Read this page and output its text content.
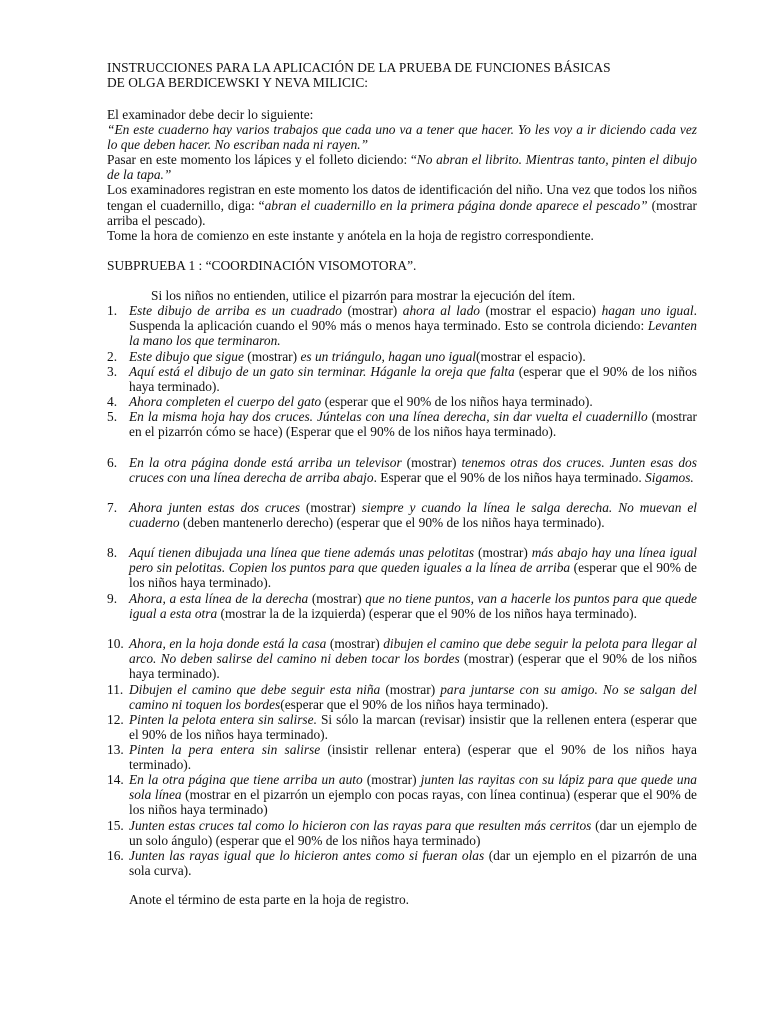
INSTRUCCIONES PARA LA APLICACIÓN DE LA PRUEBA DE FUNCIONES BÁSICAS
DE OLGA BERDICEWSKI Y NEVA MILICIC:
El examinador debe decir lo siguiente:
“En este cuaderno hay varios trabajos que cada uno va a tener que hacer. Yo les voy a ir diciendo cada vez lo que deben hacer. No escriban nada ni rayen.”
Pasar en este momento los lápices y el folleto diciendo: “No abran el librito. Mientras tanto, pinten el dibujo de la tapa.”
Los examinadores registran en este momento los datos de identificación del niño. Una vez que todos los niños tengan el cuadernillo, diga: “abran el cuadernillo en la primera página donde aparece el pescado” (mostrar arriba el pescado).
Tome la hora de comienzo en este instante y anótela en la hoja de registro correspondiente.
SUBPRUEBA 1 : “COORDINACIÓN VISOMOTORA”.
Si los niños no entienden, utilice el pizarrón para mostrar la ejecución del ítem.
1. Este dibujo de arriba es un cuadrado (mostrar) ahora al lado (mostrar el espacio) hagan uno igual. Suspenda la aplicación cuando el 90% más o menos haya terminado. Esto se controla diciendo: Levanten la mano los que terminaron.
2. Este dibujo que sigue (mostrar) es un triángulo, hagan uno igual(mostrar el espacio).
3. Aquí está el dibujo de un gato sin terminar. Háganle la oreja que falta (esperar que el 90% de los niños haya terminado).
4. Ahora completen el cuerpo del gato (esperar que el 90% de los niños haya terminado).
5. En la misma hoja hay dos cruces. Júntelas con una línea derecha, sin dar vuelta el cuadernillo (mostrar en el pizarrón cómo se hace) (Esperar que el 90% de los niños haya terminado).
6. En la otra página donde está arriba un televisor (mostrar) tenemos otras dos cruces. Junten esas dos cruces con una línea derecha de arriba abajo. Esperar que el 90% de los niños haya terminado. Sigamos.
7. Ahora junten estas dos cruces (mostrar) siempre y cuando la línea le salga derecha. No muevan el cuaderno (deben mantenerlo derecho) (esperar que el 90% de los niños haya terminado).
8. Aquí tienen dibujada una línea que tiene además unas pelotitas (mostrar) más abajo hay una línea igual pero sin pelotitas. Copien los puntos para que queden iguales a la línea de arriba (esperar que el 90% de los niños haya terminado).
9. Ahora, a esta línea de la derecha (mostrar) que no tiene puntos, van a hacerle los puntos para que quede igual a esta otra (mostrar la de la izquierda) (esperar que el 90% de los niños haya terminado).
10. Ahora, en la hoja donde está la casa (mostrar) dibujen el camino que debe seguir la pelota para llegar al arco. No deben salirse del camino ni deben tocar los bordes (mostrar) (esperar que el 90% de los niños haya terminado).
11. Dibujen el camino que debe seguir esta niña (mostrar) para juntarse con su amigo. No se salgan del camino ni toquen los bordes(esperar que el 90% de los niños haya terminado).
12. Pinten la pelota entera sin salirse. Si sólo la marcan (revisar) insistir que la rellenen entera (esperar que el 90% de los niños haya terminado).
13. Pinten la pera entera sin salirse (insistir rellenar entera) (esperar que el 90% de los niños haya terminado).
14. En la otra página que tiene arriba un auto (mostrar) junten las rayitas con su lápiz para que quede una sola línea (mostrar en el pizarrón un ejemplo con pocas rayas, con línea continua) (esperar que el 90% de los niños haya terminado)
15. Junten estas cruces tal como lo hicieron con las rayas para que resulten más cerritos (dar un ejemplo de un solo ángulo) (esperar que el 90% de los niños haya terminado)
16. Junten las rayas igual que lo hicieron antes como si fueran olas (dar un ejemplo en el pizarrón de una sola curva).
Anote el término de esta parte en la hoja de registro.
